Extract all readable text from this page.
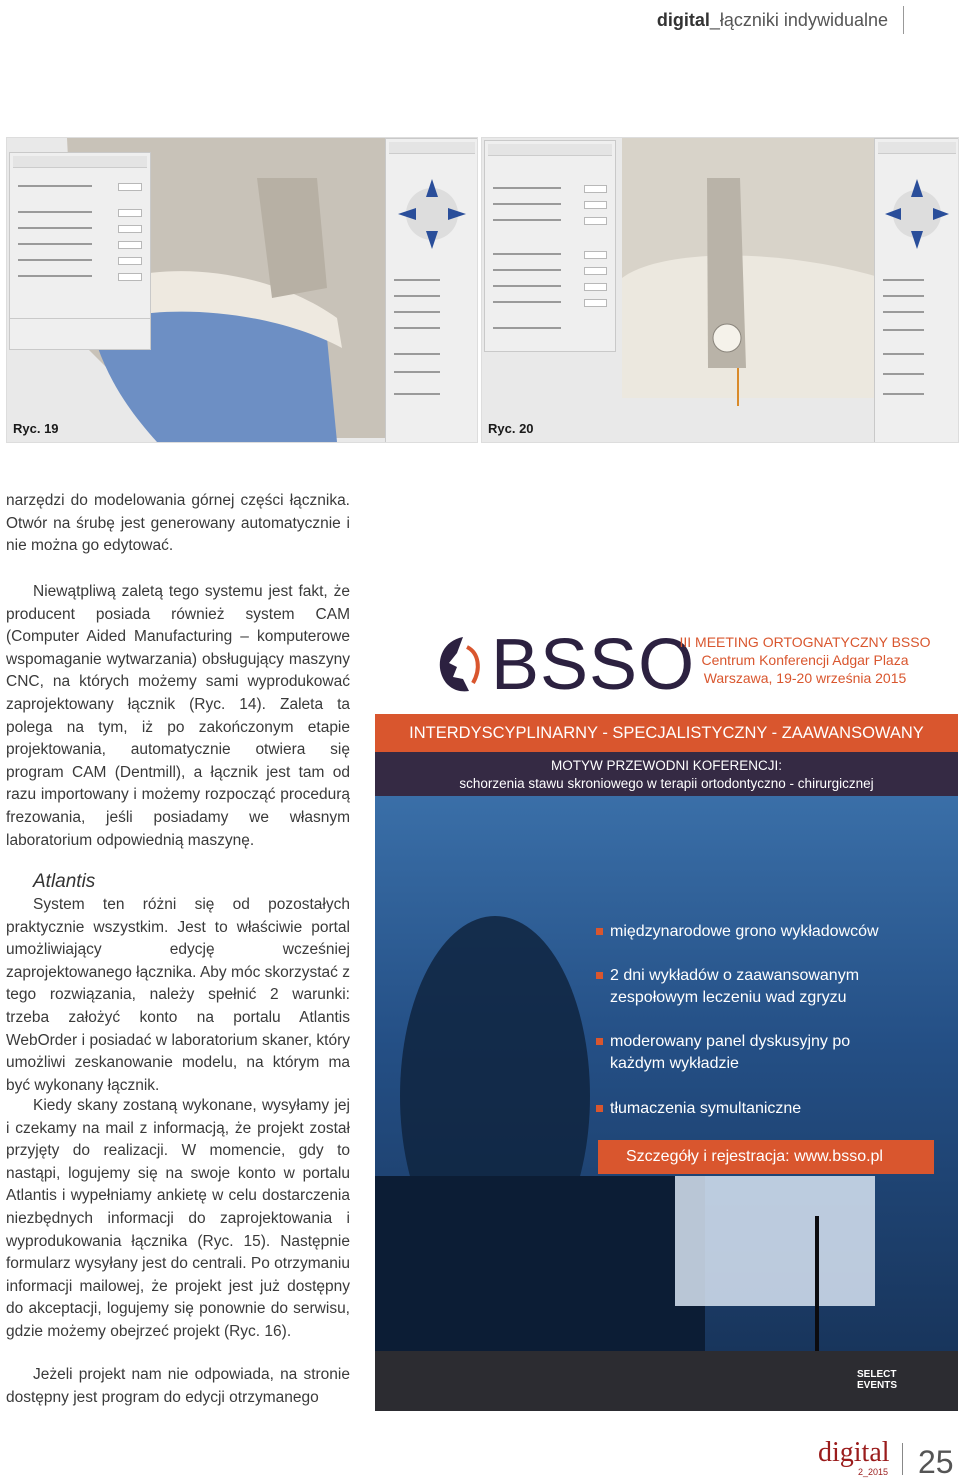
digital_łączniki indywidualne
Ryc. 19	Ryc. 20

narzędzi do modelowania górnej części łącznika. Otwór na śrubę jest generowany automatycznie i nie można go edytować.

Niewątpliwą zaletą tego systemu jest fakt, że producent posiada również system CAM (Computer Aided Manufacturing – komputerowe wspomaganie wytwarzania) obsługujący maszyny CNC, na których możemy sami wyprodukować zaprojektowany łącznik (Ryc. 14). Zaleta ta polega na tym, iż po zakończonym etapie projektowania, automatycznie otwiera się program CAM (Dentmill), a łącznik jest tam od razu importowany i możemy rozpocząć procedurą frezowania, jeśli posiadamy we własnym laboratorium odpowiednią maszynę.

Atlantis

System ten różni się od pozostałych praktycznie wszystkim. Jest to właściwie portal umożliwiający edycję wcześniej zaprojektowanego łącznika. Aby móc skorzystać z tego rozwiązania, należy spełnić 2 warunki: trzeba założyć konto na portalu Atlantis WebOrder i posiadać w laboratorium skaner, który umożliwi zeskanowanie modelu, na którym ma być wykonany łącznik.

Kiedy skany zostaną wykonane, wysyłamy jej i czekamy na mail z informacją, że projekt został przyjęty do realizacji. W momencie, gdy to nastąpi, logujemy się na swoje konto w portalu Atlantis i wypełniamy ankietę w celu dostarczenia niezbędnych informacji do zaprojektowania i wyprodukowania łącznika (Ryc. 15). Następnie formularz wysyłany jest do centrali. Po otrzymaniu informacji mailowej, że projekt jest już dostępny do akceptacji, logujemy się ponownie do serwisu, gdzie możemy obejrzeć projekt (Ryc. 16).

Jeżeli projekt nam nie odpowiada, na stronie dostępny jest program do edycji otrzymanego

BSSO
III MEETING ORTOGNATYCZNY BSSO
Centrum Konferencji Adgar Plaza
Warszawa, 19-20 września 2015
INTERDYSCYPLINARNY - SPECJALISTYCZNY - ZAAWANSOWANY
MOTYW PRZEWODNI KOFERENCJI:
schorzenia stawu skroniowego w terapii ortodontyczno - chirurgicznej
międzynarodowe grono wykładowców
2 dni wykładów o zaawansowanym zespołowym leczeniu wad zgryzu
moderowany panel dyskusyjny po każdym wykładzie
tłumaczenia symultaniczne
Szczegóły i rejestracja: www.bsso.pl
SELECT EVENTS
digital
2_2015 25
